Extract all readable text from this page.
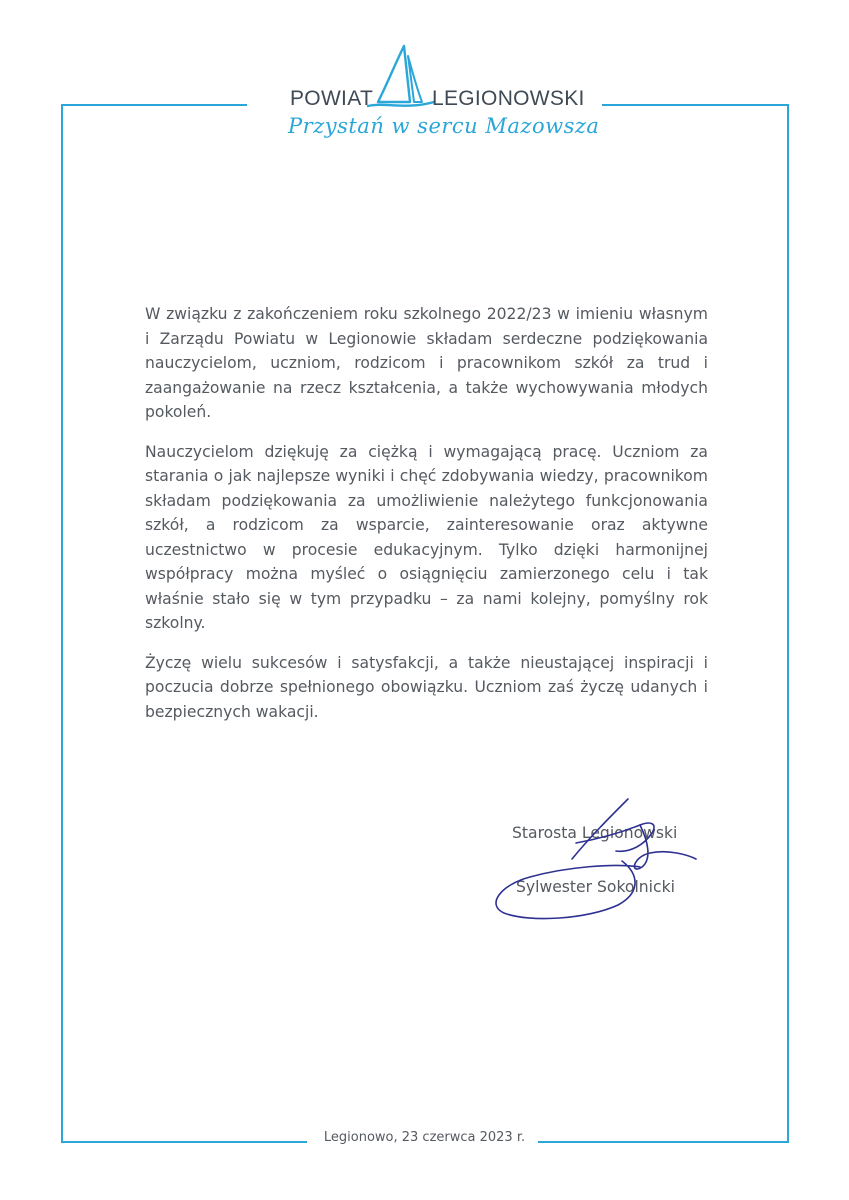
POWIAT	LEGIONOWSKI
Przystań w sercu Mazowsza

W związku z zakończeniem roku szkolnego 2022/23 w imieniu własnym i Zarządu Powiatu w Legionowie składam serdeczne podziękowania nauczycielom, uczniom, rodzicom i pracownikom szkół za trud i zaangażowanie na rzecz kształcenia, a także wychowywania młodych pokoleń.

Nauczycielom dziękuję za ciężką i wymagającą pracę. Uczniom za starania o jak najlepsze wyniki i chęć zdobywania wiedzy, pracownikom składam podziękowania za umożliwienie należytego funkcjonowania szkół, a rodzicom za wsparcie, zainteresowanie oraz aktywne uczestnictwo w procesie edukacyjnym. Tylko dzięki harmonijnej współpracy można myśleć o osiągnięciu zamierzonego celu i tak właśnie stało się w tym przypadku – za nami kolejny, pomyślny rok szkolny.

Życzę wielu sukcesów i satysfakcji, a także nieustającej inspiracji i poczucia dobrze spełnionego obowiązku. Uczniom zaś życzę udanych i bezpiecznych wakacji.

Starosta Legionowski
Sylwester Sokolnicki
Legionowo, 23 czerwca 2023 r.
